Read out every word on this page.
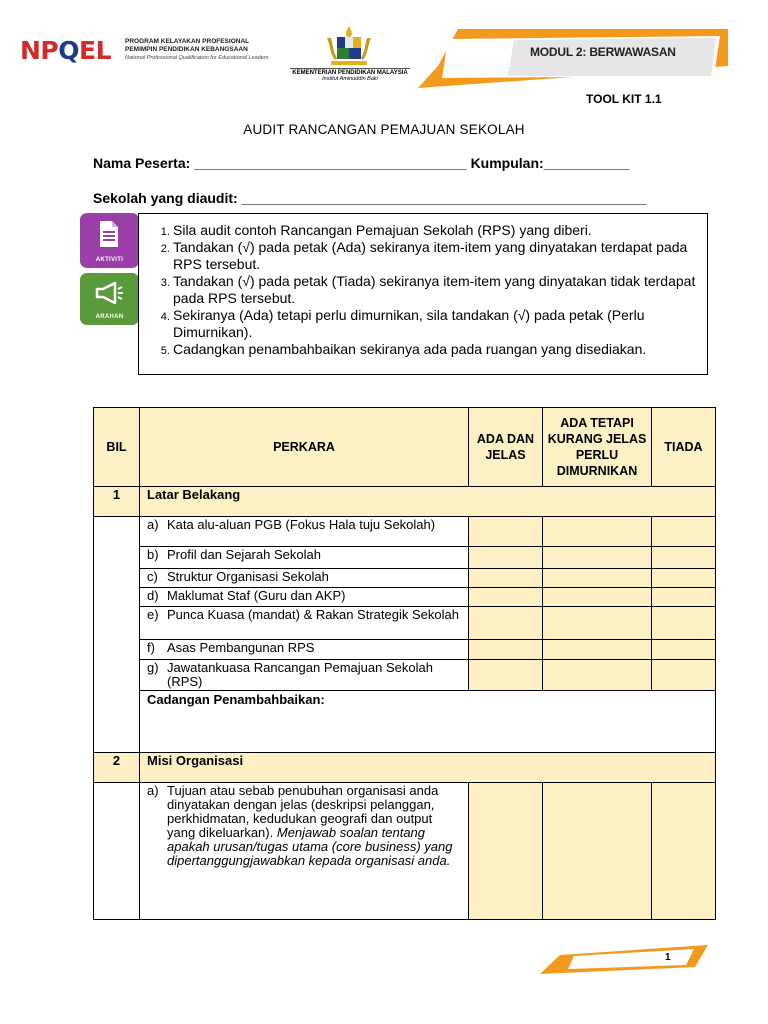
NPQEL PROGRAM KELAYAKAN PROFESIONAL
PEMIMPIN PENDIDIKAN KEBANGSAAN
National Professional Qualification for Educational Leaders
KEMENTERIAN PENDIDIKAN MALAYSIA
Institut Aminuddin Baki
MODUL 2: BERWAWASAN
TOOL KIT 1.1
AUDIT RANCANGAN PEMAJUAN SEKOLAH
Nama Peserta: ___________________________________ Kumpulan:___________
Sekolah yang diaudit: ____________________________________________________
AKTIVITI
ARAHAN
1. Sila audit contoh Rancangan Pemajuan Sekolah (RPS) yang diberi.
2. Tandakan (√) pada petak (Ada) sekiranya item-item yang dinyatakan terdapat pada RPS tersebut.
3. Tandakan (√) pada petak (Tiada) sekiranya item-item yang dinyatakan tidak terdapat pada RPS tersebut.
4. Sekiranya (Ada) tetapi perlu dimurnikan, sila tandakan (√) pada petak (Perlu Dimurnikan).
5. Cadangkan penambahbaikan sekiranya ada pada ruangan yang disediakan.
BIL	PERKARA	ADA DAN JELAS	ADA TETAPI KURANG JELAS PERLU DIMURNIKAN	TIADA
1	Latar Belakang			

	a) Kata alu-aluan PGB (Fokus Hala tuju Sekolah)			

	b) Profil dan Sejarah Sekolah			

	c) Struktur Organisasi Sekolah			

	d) Maklumat Staf (Guru dan AKP)			

	e) Punca Kuasa (mandat) & Rakan Strategik Sekolah			

	f) Asas Pembangunan RPS			

	g) Jawatankuasa Rancangan Pemajuan Sekolah (RPS)			

	Cadangan Penambahbaikan:			
2	Misi Organisasi			

	a) Tujuan atau sebab penubuhan organisasi anda dinyatakan dengan jelas (deskripsi pelanggan, perkhidmatan, kedudukan geografi dan output yang dikeluarkan). Menjawab soalan tentang apakah urusan/tugas utama (core business) yang dipertanggungjawabkan kepada organisasi anda.			

1
